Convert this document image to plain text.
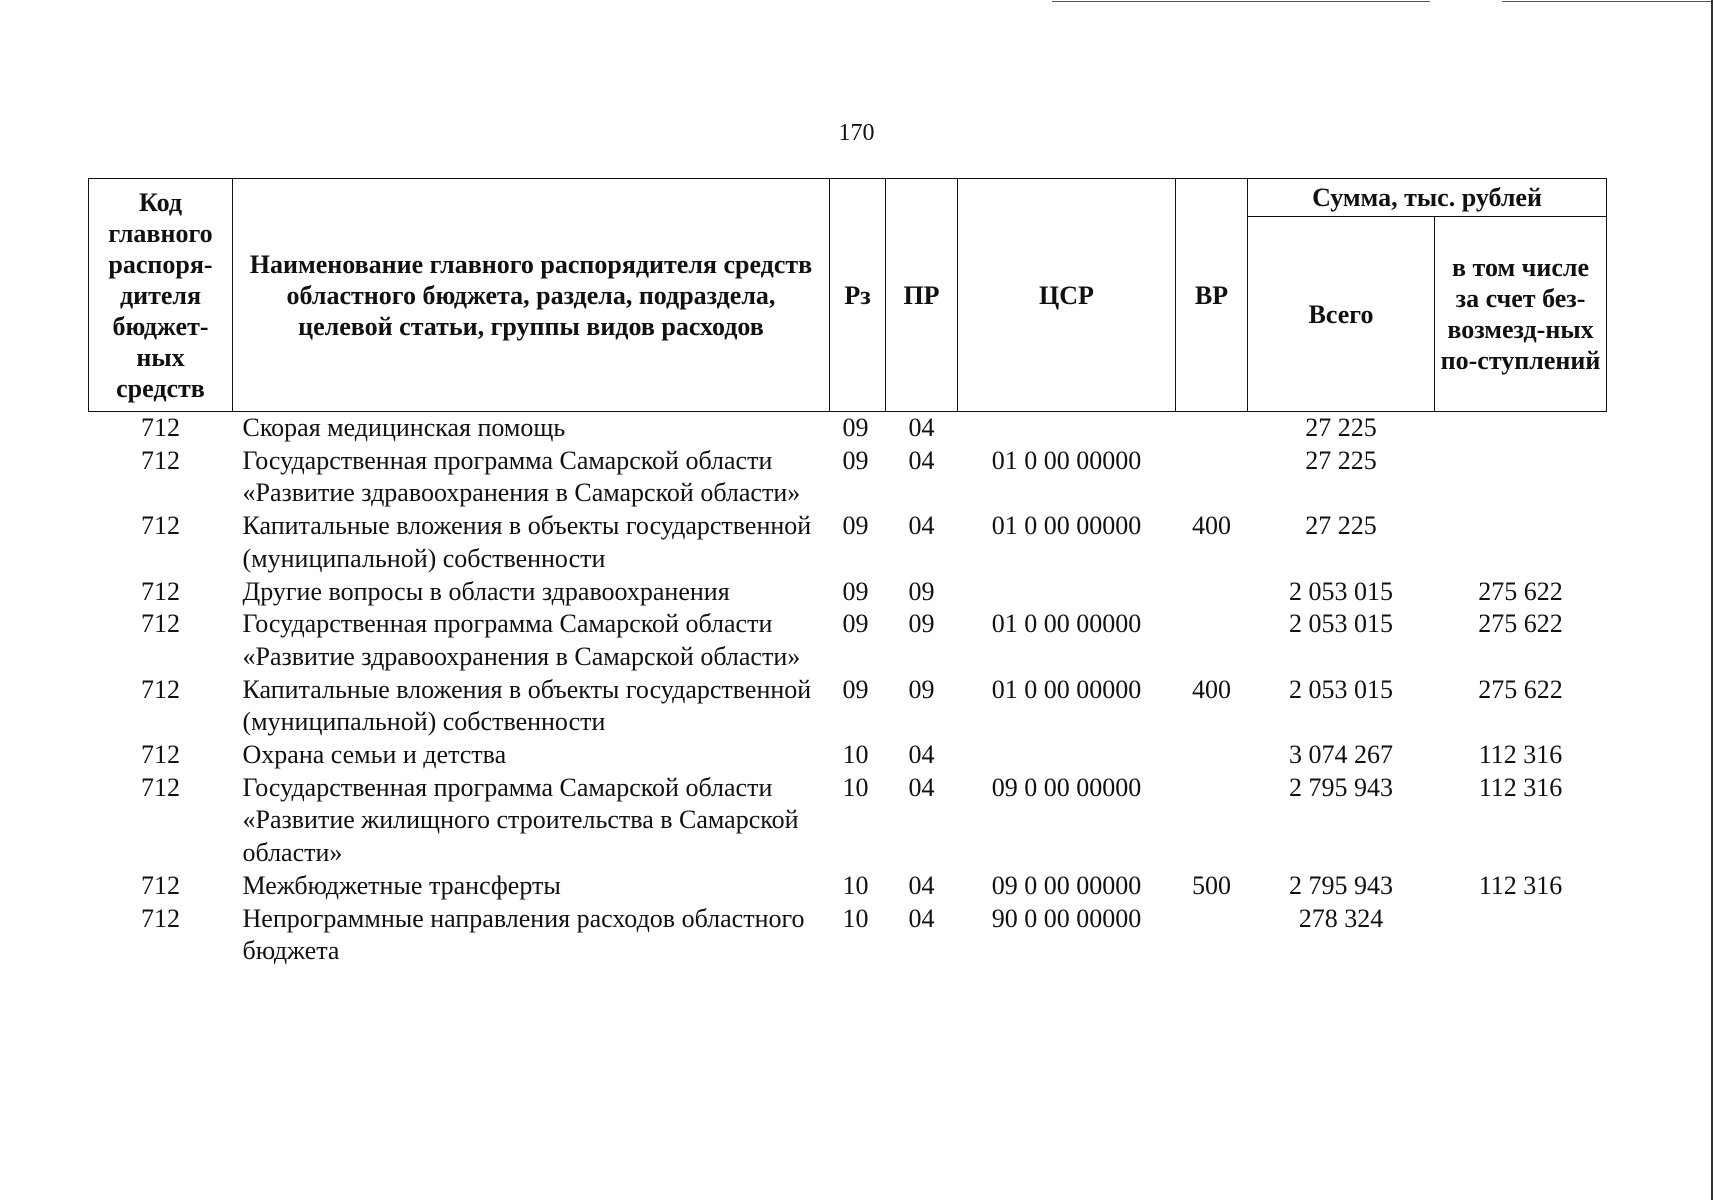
170
Код главного распоря-дителя бюджет-ных средств	Наименование главного распорядителя средств областного бюджета, раздела, подраздела, целевой статьи, группы видов расходов	Рз	ПР	ЦСР	ВР	Сумма, тыс. рублей	
						Всего	в том числе за счет без-возмезд-ных по-ступлений
712	Скорая медицинская помощь	09	04			27 225	
712	Государственная программа Самарской области «Развитие здравоохранения в Самарской области»	09	04	01 0 00 00000		27 225	
712	Капитальные вложения в объекты государственной (муниципальной) собственности	09	04	01 0 00 00000	400	27 225	
712	Другие вопросы в области здравоохранения	09	09			2 053 015	275 622
712	Государственная программа Самарской области «Развитие здравоохранения в Самарской области»	09	09	01 0 00 00000		2 053 015	275 622
712	Капитальные вложения в объекты государственной (муниципальной) собственности	09	09	01 0 00 00000	400	2 053 015	275 622
712	Охрана семьи и детства	10	04			3 074 267	112 316
712	Государственная программа Самарской области «Развитие жилищного строительства в Самарской области»	10	04	09 0 00 00000		2 795 943	112 316
712	Межбюджетные трансферты	10	04	09 0 00 00000	500	2 795 943	112 316
712	Непрограммные направления расходов областного бюджета	10	04	90 0 00 00000		278 324	
